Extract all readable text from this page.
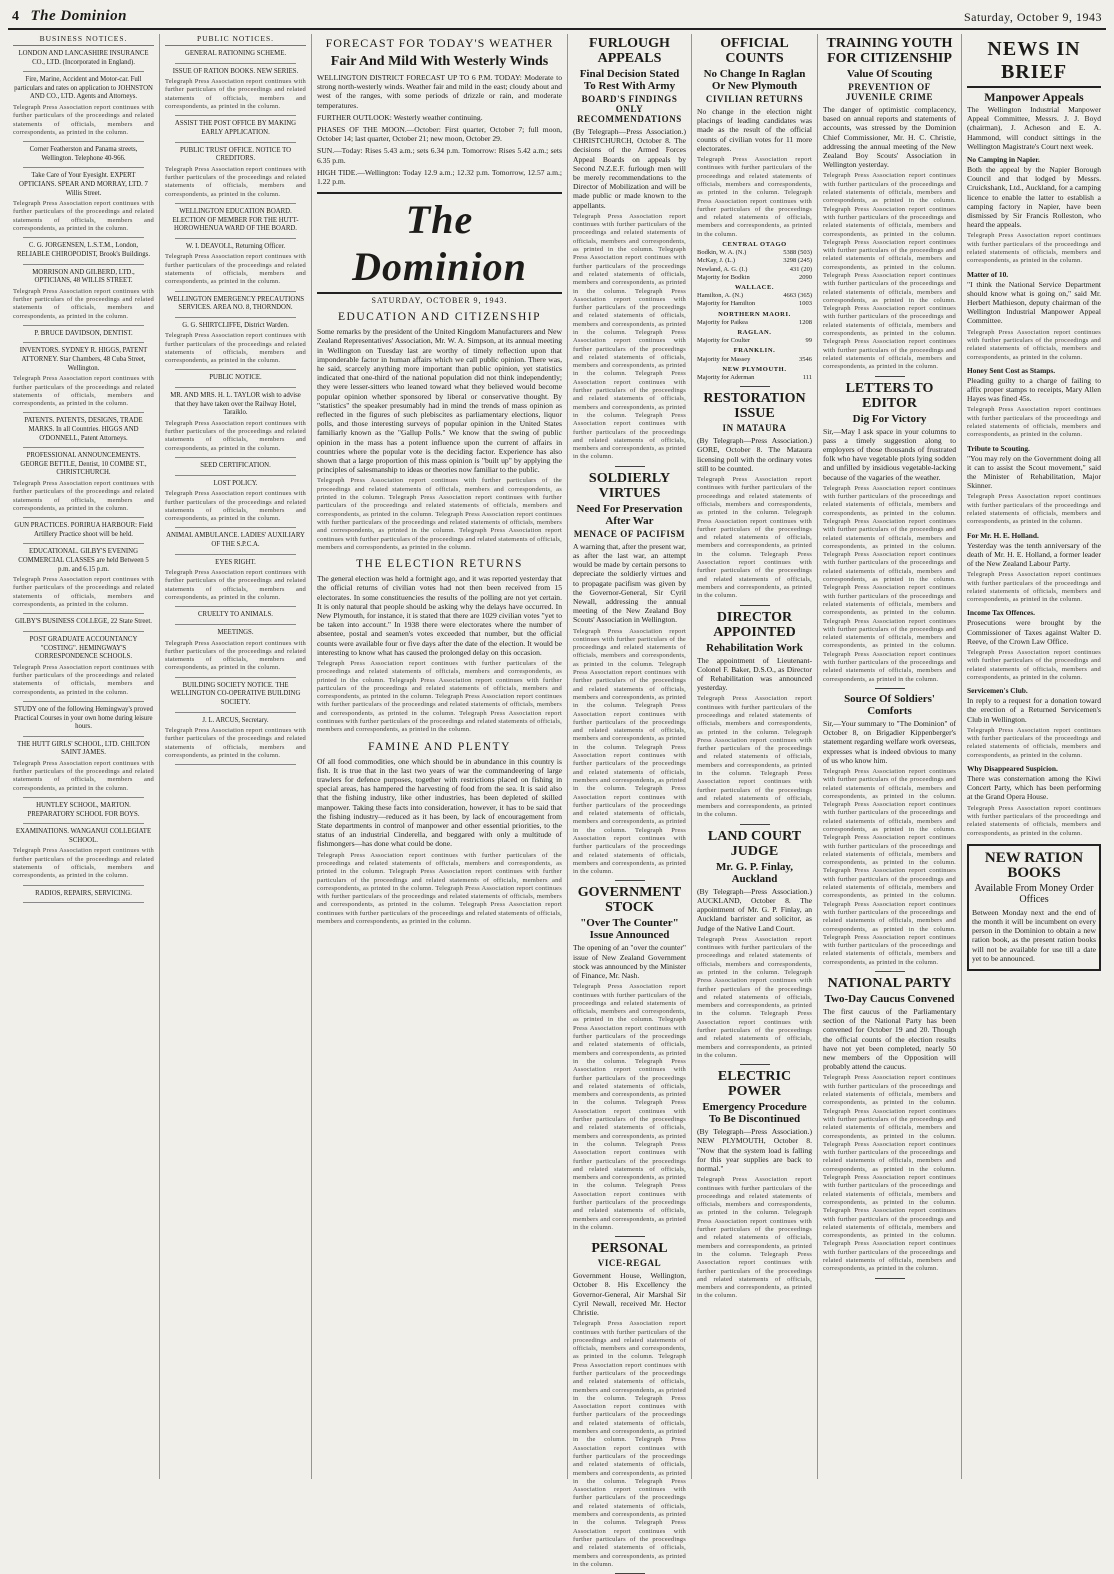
4 The Dominion	Saturday, October 9, 1943
BUSINESS NOTICES.

LONDON AND LANCASHIRE INSURANCE CO., LTD. (Incorporated in England).

Fire, Marine, Accident and Motor-car. Full particulars and rates on application to JOHNSTON AND CO., LTD. Agents and Attorneys.

Telegraph Press Association report continues with further particulars of the proceedings and related statements of officials, members and correspondents, as printed in the column.

Corner Featherston and Panama streets, Wellington. Telephone 40-966.

Take Care of Your Eyesight. EXPERT OPTICIANS. SPEAR AND MORRAY, LTD. 7 Willis Street.

Telegraph Press Association report continues with further particulars of the proceedings and related statements of officials, members and correspondents, as printed in the column.

C. G. JORGENSEN, L.S.T.M., London, RELIABLE CHIROPODIST, Brook's Buildings.

MORRISON AND GILBERD, LTD., OPTICIANS, 48 WILLIS STREET.

Telegraph Press Association report continues with further particulars of the proceedings and related statements of officials, members and correspondents, as printed in the column.

P. BRUCE DAVIDSON, DENTIST.

INVENTORS. SYDNEY R. HIGGS, PATENT ATTORNEY. Star Chambers, 48 Cuba Street, Wellington.

Telegraph Press Association report continues with further particulars of the proceedings and related statements of officials, members and correspondents, as printed in the column.

PATENTS. PATENTS, DESIGNS, TRADE MARKS. In all Countries. HIGGS AND O'DONNELL, Patent Attorneys.

PROFESSIONAL ANNOUNCEMENTS. GEORGE BETTLE, Dentist, 10 COMBE ST., CHRISTCHURCH.

Telegraph Press Association report continues with further particulars of the proceedings and related statements of officials, members and correspondents, as printed in the column.

GUN PRACTICES. PORIRUA HARBOUR: Field Artillery Practice shoot will be held.

EDUCATIONAL. GILBY'S EVENING COMMERCIAL CLASSES are held Between 5 p.m. and 6.15 p.m.

Telegraph Press Association report continues with further particulars of the proceedings and related statements of officials, members and correspondents, as printed in the column.

GILBY'S BUSINESS COLLEGE, 22 State Street.

POST GRADUATE ACCOUNTANCY "COSTING". HEMINGWAY'S CORRESPONDENCE SCHOOLS.

Telegraph Press Association report continues with further particulars of the proceedings and related statements of officials, members and correspondents, as printed in the column.

STUDY one of the following Hemingway's proved Practical Courses in your own home during leisure hours.

THE HUTT GIRLS' SCHOOL, LTD. CHILTON SAINT JAMES.

Telegraph Press Association report continues with further particulars of the proceedings and related statements of officials, members and correspondents, as printed in the column.

HUNTLEY SCHOOL, MARTON. PREPARATORY SCHOOL FOR BOYS.

EXAMINATIONS. WANGANUI COLLEGIATE SCHOOL.

Telegraph Press Association report continues with further particulars of the proceedings and related statements of officials, members and correspondents, as printed in the column.

RADIOS, REPAIRS, SERVICING.

PUBLIC NOTICES.

GENERAL RATIONING SCHEME.

ISSUE OF RATION BOOKS. NEW SERIES.

Telegraph Press Association report continues with further particulars of the proceedings and related statements of officials, members and correspondents, as printed in the column.

ASSIST THE POST OFFICE BY MAKING EARLY APPLICATION.

PUBLIC TRUST OFFICE. NOTICE TO CREDITORS.

Telegraph Press Association report continues with further particulars of the proceedings and related statements of officials, members and correspondents, as printed in the column.

WELLINGTON EDUCATION BOARD. ELECTION OF MEMBER FOR THE HUTT-HOROWHENUA WARD OF THE BOARD.

W. I. DEAVOLL, Returning Officer.

Telegraph Press Association report continues with further particulars of the proceedings and related statements of officials, members and correspondents, as printed in the column.

WELLINGTON EMERGENCY PRECAUTIONS SERVICES. AREA NO. 8, THORNDON.

G. G. SHIRTCLIFFE, District Warden.

Telegraph Press Association report continues with further particulars of the proceedings and related statements of officials, members and correspondents, as printed in the column.

PUBLIC NOTICE.

MR. AND MRS. H. L. TAYLOR wish to advise that they have taken over the Railway Hotel, Taraiklo.

Telegraph Press Association report continues with further particulars of the proceedings and related statements of officials, members and correspondents, as printed in the column.

SEED CERTIFICATION.

LOST POLICY.

Telegraph Press Association report continues with further particulars of the proceedings and related statements of officials, members and correspondents, as printed in the column.

ANIMAL AMBULANCE. LADIES' AUXILIARY OF THE S.P.C.A.

EYES RIGHT.

Telegraph Press Association report continues with further particulars of the proceedings and related statements of officials, members and correspondents, as printed in the column.

CRUELTY TO ANIMALS.

MEETINGS.

Telegraph Press Association report continues with further particulars of the proceedings and related statements of officials, members and correspondents, as printed in the column.

BUILDING SOCIETY NOTICE. THE WELLINGTON CO-OPERATIVE BUILDING SOCIETY.

J. L. ARCUS, Secretary.

Telegraph Press Association report continues with further particulars of the proceedings and related statements of officials, members and correspondents, as printed in the column.
FORECAST FOR TODAY'S WEATHER
Fair And Mild With Westerly Winds

WELLINGTON DISTRICT FORECAST UP TO 6 P.M. TODAY: Moderate to strong north-westerly winds. Weather fair and mild in the east; cloudy about and west of the ranges, with some periods of drizzle or rain, and moderate temperatures.

FURTHER OUTLOOK: Westerly weather continuing.

PHASES OF THE MOON.—October: First quarter, October 7; full moon, October 14; last quarter, October 21; new moon, October 29.

SUN.—Today: Rises 5.43 a.m.; sets 6.34 p.m. Tomorrow: Rises 5.42 a.m.; sets 6.35 p.m.

HIGH TIDE.—Wellington: Today 12.9 a.m.; 12.32 p.m. Tomorrow, 12.57 a.m.; 1.22 p.m.

The Dominion
SATURDAY, OCTOBER 9, 1943.
EDUCATION AND CITIZENSHIP

Some remarks by the president of the United Kingdom Manufacturers and New Zealand Representatives' Association, Mr. W. A. Simpson, at its annual meeting in Wellington on Tuesday last are worthy of timely reflection upon that imponderable factor in human affairs which we call public opinion. There was, he said, scarcely anything more important than public opinion, yet statistics indicated that one-third of the national population did not think independently; they were lesser-sitters who leaned toward what they believed would become popular opinion whether sponsored by liberal or conservative thought. By "statistics" the speaker presumably had in mind the trends of mass opinion as reflected in the figures of such plebiscites as parliamentary elections, liquor polls, and those interesting surveys of popular opinion in the United States familiarly known as the "Gallup Polls." We know that the swing of public opinion in the mass has a potent influence upon the current of affairs in countries where the popular vote is the deciding factor. Experience has also shown that a large proportion of this mass opinion is "built up" by applying the principles of salesmanship to ideas or theories now familiar to the public.

Telegraph Press Association report continues with further particulars of the proceedings and related statements of officials, members and correspondents, as printed in the column. Telegraph Press Association report continues with further particulars of the proceedings and related statements of officials, members and correspondents, as printed in the column. Telegraph Press Association report continues with further particulars of the proceedings and related statements of officials, members and correspondents, as printed in the column. Telegraph Press Association report continues with further particulars of the proceedings and related statements of officials, members and correspondents, as printed in the column.
THE ELECTION RETURNS

The general election was held a fortnight ago, and it was reported yesterday that the official returns of civilian votes had not then been received from 15 electorates. In some constituencies the results of the polling are not yet certain. It is only natural that people should be asking why the delays have occurred. In New Plymouth, for instance, it is stated that there are 1029 civilian votes "yet to be taken into account." In 1938 there were electorates where the number of absentee, postal and seamen's votes exceeded that number, but the official counts were available four or five days after the date of the election. It would be interesting to know what has caused the prolonged delay on this occasion.

Telegraph Press Association report continues with further particulars of the proceedings and related statements of officials, members and correspondents, as printed in the column. Telegraph Press Association report continues with further particulars of the proceedings and related statements of officials, members and correspondents, as printed in the column. Telegraph Press Association report continues with further particulars of the proceedings and related statements of officials, members and correspondents, as printed in the column. Telegraph Press Association report continues with further particulars of the proceedings and related statements of officials, members and correspondents, as printed in the column.
FAMINE AND PLENTY

Of all food commodities, one which should be in abundance in this country is fish. It is true that in the last two years of war the commandeering of large trawlers for defence purposes, together with restrictions placed on fishing in special areas, has hampered the harvesting of food from the sea. It is said also that the fishing industry, like other industries, has been depleted of skilled manpower. Taking these facts into consideration, however, it has to be said that the fishing industry—reduced as it has been, by lack of encouragement from State departments in control of manpower and other essential priorities, to the status of an industrial Cinderella, and beggared with only a multitude of fishmongers—has done what could be done.

Telegraph Press Association report continues with further particulars of the proceedings and related statements of officials, members and correspondents, as printed in the column. Telegraph Press Association report continues with further particulars of the proceedings and related statements of officials, members and correspondents, as printed in the column. Telegraph Press Association report continues with further particulars of the proceedings and related statements of officials, members and correspondents, as printed in the column. Telegraph Press Association report continues with further particulars of the proceedings and related statements of officials, members and correspondents, as printed in the column.
FURLOUGH APPEALS
Final Decision Stated To Rest With Army
BOARD'S FINDINGS ONLY RECOMMENDATIONS

(By Telegraph—Press Association.) CHRISTCHURCH, October 8. The decisions of the Armed Forces Appeal Boards on appeals by Second N.Z.E.F. furlough men will be merely recommendations to the Director of Mobilization and will be made public or made known to the appellants.

Telegraph Press Association report continues with further particulars of the proceedings and related statements of officials, members and correspondents, as printed in the column. Telegraph Press Association report continues with further particulars of the proceedings and related statements of officials, members and correspondents, as printed in the column. Telegraph Press Association report continues with further particulars of the proceedings and related statements of officials, members and correspondents, as printed in the column. Telegraph Press Association report continues with further particulars of the proceedings and related statements of officials, members and correspondents, as printed in the column. Telegraph Press Association report continues with further particulars of the proceedings and related statements of officials, members and correspondents, as printed in the column. Telegraph Press Association report continues with further particulars of the proceedings and related statements of officials, members and correspondents, as printed in the column.
SOLDIERLY VIRTUES
Need For Preservation After War
MENACE OF PACIFISM

A warning that, after the present war, as after the last war, an attempt would be made by certain persons to depreciate the soldierly virtues and to propagate pacifism was given by the Governor-General, Sir Cyril Newall, addressing the annual meeting of the New Zealand Boy Scouts' Association in Wellington.

Telegraph Press Association report continues with further particulars of the proceedings and related statements of officials, members and correspondents, as printed in the column. Telegraph Press Association report continues with further particulars of the proceedings and related statements of officials, members and correspondents, as printed in the column. Telegraph Press Association report continues with further particulars of the proceedings and related statements of officials, members and correspondents, as printed in the column. Telegraph Press Association report continues with further particulars of the proceedings and related statements of officials, members and correspondents, as printed in the column. Telegraph Press Association report continues with further particulars of the proceedings and related statements of officials, members and correspondents, as printed in the column. Telegraph Press Association report continues with further particulars of the proceedings and related statements of officials, members and correspondents, as printed in the column.
GOVERNMENT STOCK
"Over The Counter" Issue Announced

The opening of an "over the counter" issue of New Zealand Government stock was announced by the Minister of Finance, Mr. Nash.

Telegraph Press Association report continues with further particulars of the proceedings and related statements of officials, members and correspondents, as printed in the column. Telegraph Press Association report continues with further particulars of the proceedings and related statements of officials, members and correspondents, as printed in the column. Telegraph Press Association report continues with further particulars of the proceedings and related statements of officials, members and correspondents, as printed in the column. Telegraph Press Association report continues with further particulars of the proceedings and related statements of officials, members and correspondents, as printed in the column. Telegraph Press Association report continues with further particulars of the proceedings and related statements of officials, members and correspondents, as printed in the column. Telegraph Press Association report continues with further particulars of the proceedings and related statements of officials, members and correspondents, as printed in the column.
PERSONAL
VICE-REGAL

Government House, Wellington, October 8. His Excellency the Governor-General, Air Marshal Sir Cyril Newall, received Mr. Hector Christie.

Telegraph Press Association report continues with further particulars of the proceedings and related statements of officials, members and correspondents, as printed in the column. Telegraph Press Association report continues with further particulars of the proceedings and related statements of officials, members and correspondents, as printed in the column. Telegraph Press Association report continues with further particulars of the proceedings and related statements of officials, members and correspondents, as printed in the column. Telegraph Press Association report continues with further particulars of the proceedings and related statements of officials, members and correspondents, as printed in the column. Telegraph Press Association report continues with further particulars of the proceedings and related statements of officials, members and correspondents, as printed in the column. Telegraph Press Association report continues with further particulars of the proceedings and related statements of officials, members and correspondents, as printed in the column.
OFFICIAL COUNTS
No Change In Raglan Or New Plymouth
CIVILIAN RETURNS

No change in the election night placings of leading candidates was made as the result of the official counts of civilian votes for 11 more electorates.

Telegraph Press Association report continues with further particulars of the proceedings and related statements of officials, members and correspondents, as printed in the column. Telegraph Press Association report continues with further particulars of the proceedings and related statements of officials, members and correspondents, as printed in the column.
CENTRAL OTAGO
Bodkin, W. A. (N.)	5388 (503)
McKay, J. (L.)	3298 (245)
Newland, A. G. (I.)	431 (20)
Majority for Bodkin	2090
WALLACE.
Hamilton, A. (N.)	4663 (365)
Majority for Hamilton	1003
NORTHERN MAORI.
Majority for Paikea	1208
RAGLAN.
Majority for Coulter	99
FRANKLIN.
Majority for Massey	3546
NEW PLYMOUTH.
Majority for Aderman	111
RESTORATION ISSUE
IN MATAURA

(By Telegraph—Press Association.) GORE, October 8. The Mataura licensing poll with the ordinary votes still to be counted.

Telegraph Press Association report continues with further particulars of the proceedings and related statements of officials, members and correspondents, as printed in the column. Telegraph Press Association report continues with further particulars of the proceedings and related statements of officials, members and correspondents, as printed in the column. Telegraph Press Association report continues with further particulars of the proceedings and related statements of officials, members and correspondents, as printed in the column.
DIRECTOR APPOINTED
Rehabilitation Work

The appointment of Lieutenant-Colonel F. Baker, D.S.O., as Director of Rehabilitation was announced yesterday.

Telegraph Press Association report continues with further particulars of the proceedings and related statements of officials, members and correspondents, as printed in the column. Telegraph Press Association report continues with further particulars of the proceedings and related statements of officials, members and correspondents, as printed in the column. Telegraph Press Association report continues with further particulars of the proceedings and related statements of officials, members and correspondents, as printed in the column.
LAND COURT JUDGE
Mr. G. P. Finlay, Auckland

(By Telegraph—Press Association.) AUCKLAND, October 8. The appointment of Mr. G. P. Finlay, an Auckland barrister and solicitor, as Judge of the Native Land Court.

Telegraph Press Association report continues with further particulars of the proceedings and related statements of officials, members and correspondents, as printed in the column. Telegraph Press Association report continues with further particulars of the proceedings and related statements of officials, members and correspondents, as printed in the column. Telegraph Press Association report continues with further particulars of the proceedings and related statements of officials, members and correspondents, as printed in the column.
ELECTRIC POWER
Emergency Procedure To Be Discontinued

(By Telegraph—Press Association.) NEW PLYMOUTH, October 8. "Now that the system load is falling for this year supplies are back to normal."

Telegraph Press Association report continues with further particulars of the proceedings and related statements of officials, members and correspondents, as printed in the column. Telegraph Press Association report continues with further particulars of the proceedings and related statements of officials, members and correspondents, as printed in the column. Telegraph Press Association report continues with further particulars of the proceedings and related statements of officials, members and correspondents, as printed in the column.
TRAINING YOUTH FOR CITIZENSHIP
Value Of Scouting
PREVENTION OF JUVENILE CRIME

The danger of optimistic complacency, based on annual reports and statements of accounts, was stressed by the Dominion Chief Commissioner, Mr. H. C. Christie, addressing the annual meeting of the New Zealand Boy Scouts' Association in Wellington yesterday.

Telegraph Press Association report continues with further particulars of the proceedings and related statements of officials, members and correspondents, as printed in the column. Telegraph Press Association report continues with further particulars of the proceedings and related statements of officials, members and correspondents, as printed in the column. Telegraph Press Association report continues with further particulars of the proceedings and related statements of officials, members and correspondents, as printed in the column. Telegraph Press Association report continues with further particulars of the proceedings and related statements of officials, members and correspondents, as printed in the column. Telegraph Press Association report continues with further particulars of the proceedings and related statements of officials, members and correspondents, as printed in the column. Telegraph Press Association report continues with further particulars of the proceedings and related statements of officials, members and correspondents, as printed in the column.
LETTERS TO EDITOR
Dig For Victory

Sir,—May I ask space in your columns to pass a timely suggestion along to employers of those thousands of frustrated folk who have vegetable plots lying sodden and unfilled by insidious vegetable-lacking because of the vagaries of the weather.

Telegraph Press Association report continues with further particulars of the proceedings and related statements of officials, members and correspondents, as printed in the column. Telegraph Press Association report continues with further particulars of the proceedings and related statements of officials, members and correspondents, as printed in the column. Telegraph Press Association report continues with further particulars of the proceedings and related statements of officials, members and correspondents, as printed in the column. Telegraph Press Association report continues with further particulars of the proceedings and related statements of officials, members and correspondents, as printed in the column. Telegraph Press Association report continues with further particulars of the proceedings and related statements of officials, members and correspondents, as printed in the column. Telegraph Press Association report continues with further particulars of the proceedings and related statements of officials, members and correspondents, as printed in the column.
Source Of Soldiers' Comforts

Sir,—Your summary to "The Dominion" of October 8, on Brigadier Kippenberger's statement regarding welfare work overseas, expresses what is indeed obvious to many of us who know him.

Telegraph Press Association report continues with further particulars of the proceedings and related statements of officials, members and correspondents, as printed in the column. Telegraph Press Association report continues with further particulars of the proceedings and related statements of officials, members and correspondents, as printed in the column. Telegraph Press Association report continues with further particulars of the proceedings and related statements of officials, members and correspondents, as printed in the column. Telegraph Press Association report continues with further particulars of the proceedings and related statements of officials, members and correspondents, as printed in the column. Telegraph Press Association report continues with further particulars of the proceedings and related statements of officials, members and correspondents, as printed in the column. Telegraph Press Association report continues with further particulars of the proceedings and related statements of officials, members and correspondents, as printed in the column.
NATIONAL PARTY
Two-Day Caucus Convened

The first caucus of the Parliamentary section of the National Party has been convened for October 19 and 20. Though the official counts of the election results have not yet been completed, nearly 50 new members of the Opposition will probably attend the caucus.

Telegraph Press Association report continues with further particulars of the proceedings and related statements of officials, members and correspondents, as printed in the column. Telegraph Press Association report continues with further particulars of the proceedings and related statements of officials, members and correspondents, as printed in the column. Telegraph Press Association report continues with further particulars of the proceedings and related statements of officials, members and correspondents, as printed in the column. Telegraph Press Association report continues with further particulars of the proceedings and related statements of officials, members and correspondents, as printed in the column. Telegraph Press Association report continues with further particulars of the proceedings and related statements of officials, members and correspondents, as printed in the column. Telegraph Press Association report continues with further particulars of the proceedings and related statements of officials, members and correspondents, as printed in the column.
NEWS IN BRIEF
Manpower Appeals

The Wellington Industrial Manpower Appeal Committee, Messrs. J. J. Boyd (chairman), J. Acheson and E. A. Hammond, will conduct sittings in the Wellington Magistrate's Court next week.

No Camping in Napier.

Both the appeal by the Napier Borough Council and that lodged by Messrs. Cruickshank, Ltd., Auckland, for a camping licence to enable the latter to establish a camping factory in Napier, have been dismissed by Sir Francis Rolleston, who heard the appeals.

Telegraph Press Association report continues with further particulars of the proceedings and related statements of officials, members and correspondents, as printed in the column.
Matter of 10.

"I think the National Service Department should know what is going on," said Mr. Herbert Mathieson, deputy chairman of the Wellington Industrial Manpower Appeal Committee.

Telegraph Press Association report continues with further particulars of the proceedings and related statements of officials, members and correspondents, as printed in the column.
Honey Sent Cost as Stamps.

Pleading guilty to a charge of failing to affix proper stamps to receipts, Mary Allen Hayes was fined 45s.

Telegraph Press Association report continues with further particulars of the proceedings and related statements of officials, members and correspondents, as printed in the column.
Tribute to Scouting.

"You may rely on the Government doing all it can to assist the Scout movement," said the Minister of Rehabilitation, Major Skinner.

Telegraph Press Association report continues with further particulars of the proceedings and related statements of officials, members and correspondents, as printed in the column.
For Mr. H. E. Holland.

Yesterday was the tenth anniversary of the death of Mr. H. E. Holland, a former leader of the New Zealand Labour Party.

Telegraph Press Association report continues with further particulars of the proceedings and related statements of officials, members and correspondents, as printed in the column.
Income Tax Offences.

Prosecutions were brought by the Commissioner of Taxes against Walter D. Reeve, of the Crown Law Office.

Telegraph Press Association report continues with further particulars of the proceedings and related statements of officials, members and correspondents, as printed in the column.
Servicemen's Club.

In reply to a request for a donation toward the erection of a Returned Servicemen's Club in Wellington.

Telegraph Press Association report continues with further particulars of the proceedings and related statements of officials, members and correspondents, as printed in the column.
Why Disappeared Suspicion.

There was consternation among the Kiwi Concert Party, which has been performing at the Grand Opera House.

Telegraph Press Association report continues with further particulars of the proceedings and related statements of officials, members and correspondents, as printed in the column.
NEW RATION BOOKS
Available From Money Order Offices

Between Monday next and the end of the month it will be incumbent on every person in the Dominion to obtain a new ration book, as the present ration books will not be available for use till a date yet to be announced.
